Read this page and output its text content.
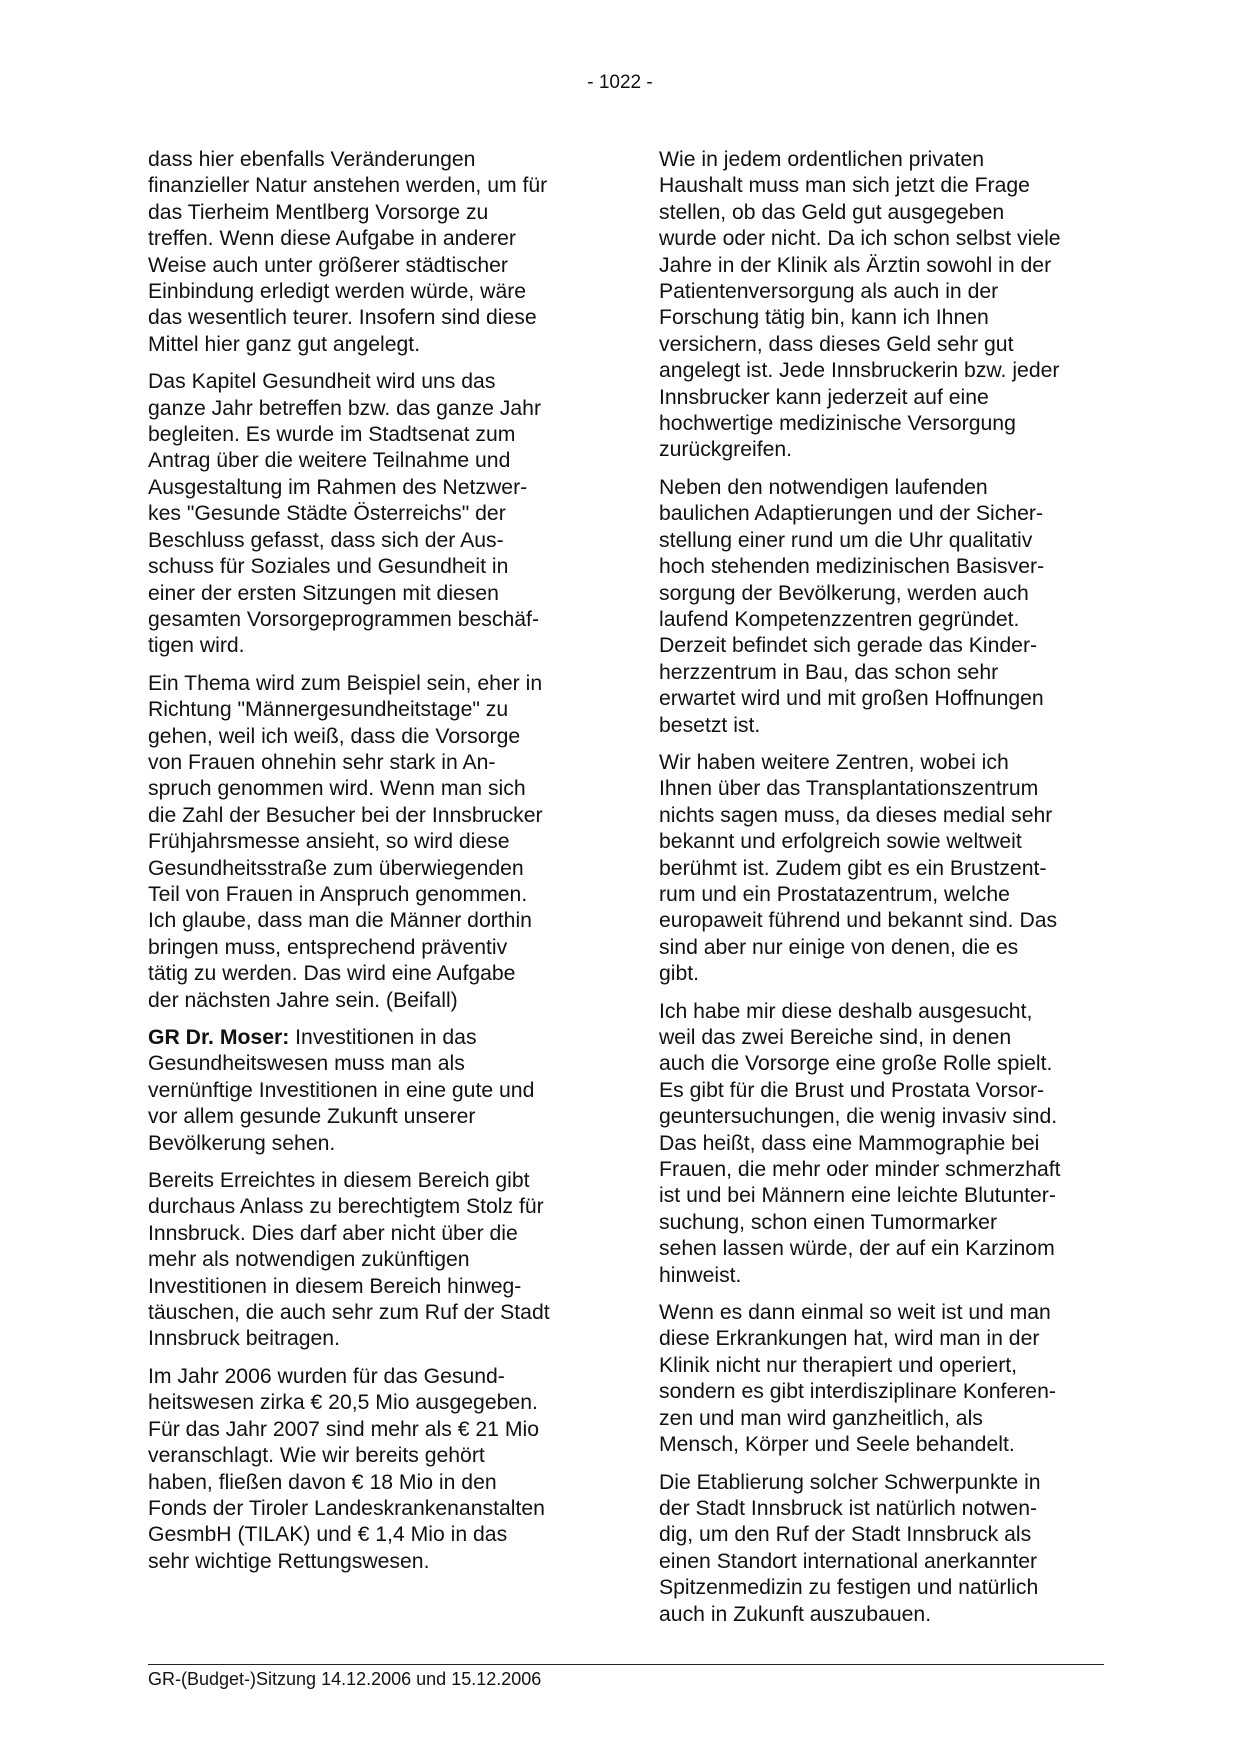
- 1022 -

dass hier ebenfalls Veränderungen
finanzieller Natur anstehen werden, um für
das Tierheim Mentlberg Vorsorge zu
treffen. Wenn diese Aufgabe in anderer
Weise auch unter größerer städtischer
Einbindung erledigt werden würde, wäre
das wesentlich teurer. Insofern sind diese
Mittel hier ganz gut angelegt.

Das Kapitel Gesundheit wird uns das
ganze Jahr betreffen bzw. das ganze Jahr
begleiten. Es wurde im Stadtsenat zum
Antrag über die weitere Teilnahme und
Ausgestaltung im Rahmen des Netzwer-
kes "Gesunde Städte Österreichs" der
Beschluss gefasst, dass sich der Aus-
schuss für Soziales und Gesundheit in
einer der ersten Sitzungen mit diesen
gesamten Vorsorgeprogrammen beschäf-
tigen wird.

Ein Thema wird zum Beispiel sein, eher in
Richtung "Männergesundheitstage" zu
gehen, weil ich weiß, dass die Vorsorge
von Frauen ohnehin sehr stark in An-
spruch genommen wird. Wenn man sich
die Zahl der Besucher bei der Innsbrucker
Frühjahrsmesse ansieht, so wird diese
Gesundheitsstraße zum überwiegenden
Teil von Frauen in Anspruch genommen.
Ich glaube, dass man die Männer dorthin
bringen muss, entsprechend präventiv
tätig zu werden. Das wird eine Aufgabe
der nächsten Jahre sein. (Beifall)

GR Dr. Moser: Investitionen in das
Gesundheitswesen muss man als
vernünftige Investitionen in eine gute und
vor allem gesunde Zukunft unserer
Bevölkerung sehen.

Bereits Erreichtes in diesem Bereich gibt
durchaus Anlass zu berechtigtem Stolz für
Innsbruck. Dies darf aber nicht über die
mehr als notwendigen zukünftigen
Investitionen in diesem Bereich hinweg-
täuschen, die auch sehr zum Ruf der Stadt
Innsbruck beitragen.

Im Jahr 2006 wurden für das Gesund-
heitswesen zirka € 20,5 Mio ausgegeben.
Für das Jahr 2007 sind mehr als € 21 Mio
veranschlagt. Wie wir bereits gehört
haben, fließen davon € 18 Mio in den
Fonds der Tiroler Landeskrankenanstalten
GesmbH (TILAK) und € 1,4 Mio in das
sehr wichtige Rettungswesen.

Wie in jedem ordentlichen privaten
Haushalt muss man sich jetzt die Frage
stellen, ob das Geld gut ausgegeben
wurde oder nicht. Da ich schon selbst viele
Jahre in der Klinik als Ärztin sowohl in der
Patientenversorgung als auch in der
Forschung tätig bin, kann ich Ihnen
versichern, dass dieses Geld sehr gut
angelegt ist. Jede Innsbruckerin bzw. jeder
Innsbrucker kann jederzeit auf eine
hochwertige medizinische Versorgung
zurückgreifen.

Neben den notwendigen laufenden
baulichen Adaptierungen und der Sicher-
stellung einer rund um die Uhr qualitativ
hoch stehenden medizinischen Basisver-
sorgung der Bevölkerung, werden auch
laufend Kompetenzzentren gegründet.
Derzeit befindet sich gerade das Kinder-
herzzentrum in Bau, das schon sehr
erwartet wird und mit großen Hoffnungen
besetzt ist.

Wir haben weitere Zentren, wobei ich
Ihnen über das Transplantationszentrum
nichts sagen muss, da dieses medial sehr
bekannt und erfolgreich sowie weltweit
berühmt ist. Zudem gibt es ein Brustzent-
rum und ein Prostatazentrum, welche
europaweit führend und bekannt sind. Das
sind aber nur einige von denen, die es
gibt.

Ich habe mir diese deshalb ausgesucht,
weil das zwei Bereiche sind, in denen
auch die Vorsorge eine große Rolle spielt.
Es gibt für die Brust und Prostata Vorsor-
geuntersuchungen, die wenig invasiv sind.
Das heißt, dass eine Mammographie bei
Frauen, die mehr oder minder schmerzhaft
ist und bei Männern eine leichte Blutunter-
suchung, schon einen Tumormarker
sehen lassen würde, der auf ein Karzinom
hinweist.

Wenn es dann einmal so weit ist und man
diese Erkrankungen hat, wird man in der
Klinik nicht nur therapiert und operiert,
sondern es gibt interdisziplinare Konferen-
zen und man wird ganzheitlich, als
Mensch, Körper und Seele behandelt.

Die Etablierung solcher Schwerpunkte in
der Stadt Innsbruck ist natürlich notwen-
dig, um den Ruf der Stadt Innsbruck als
einen Standort international anerkannter
Spitzenmedizin zu festigen und natürlich
auch in Zukunft auszubauen.

GR-(Budget-)Sitzung 14.12.2006 und 15.12.2006
